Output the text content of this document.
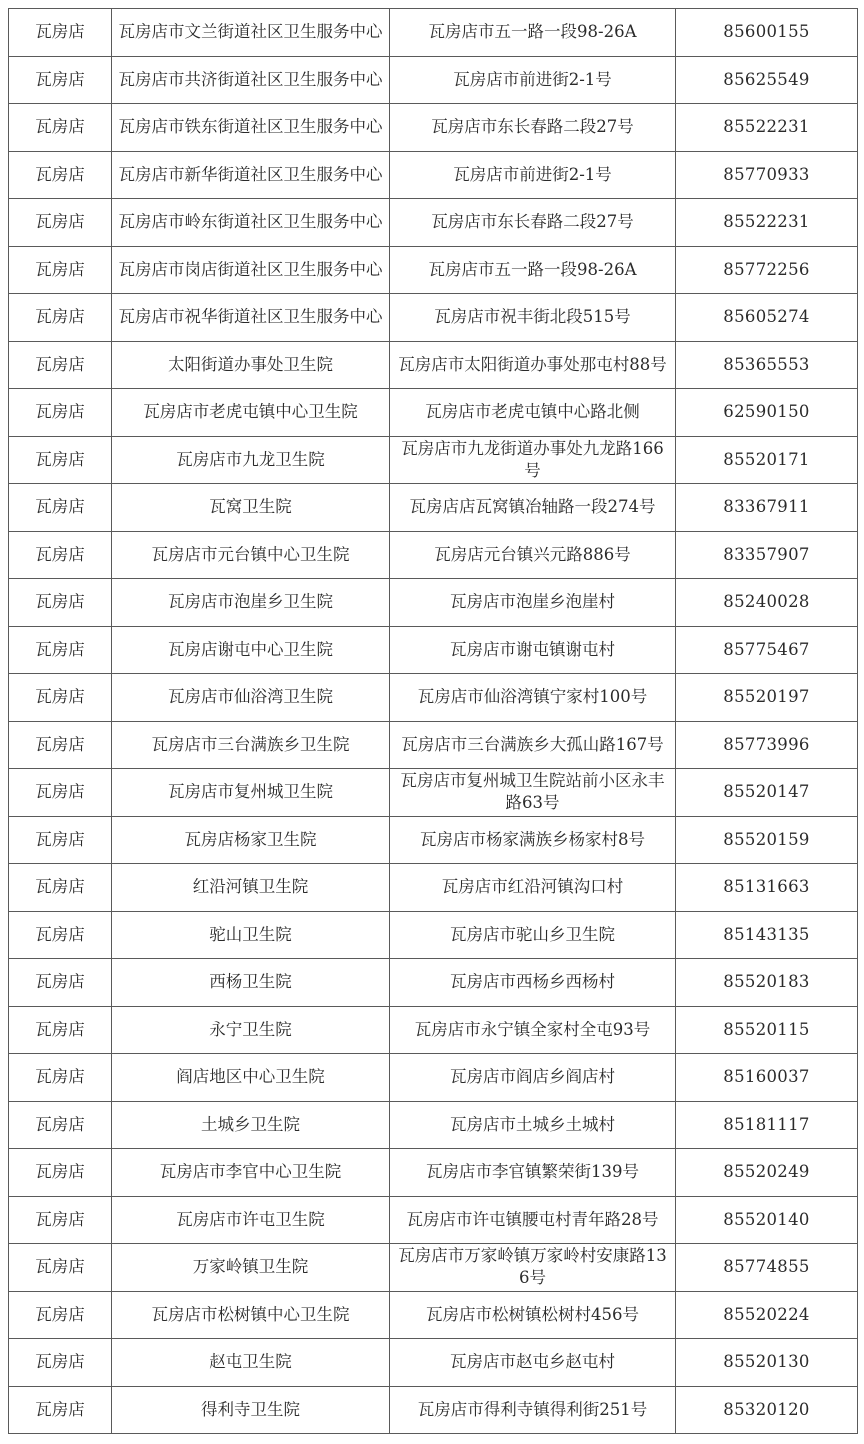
瓦房店	瓦房店市文兰街道社区卫生服务中心	瓦房店市五一路一段98-26A	85600155
瓦房店	瓦房店市共济街道社区卫生服务中心	瓦房店市前进街2-1号	85625549
瓦房店	瓦房店市铁东街道社区卫生服务中心	瓦房店市东长春路二段27号	85522231
瓦房店	瓦房店市新华街道社区卫生服务中心	瓦房店市前进街2-1号	85770933
瓦房店	瓦房店市岭东街道社区卫生服务中心	瓦房店市东长春路二段27号	85522231
瓦房店	瓦房店市岗店街道社区卫生服务中心	瓦房店市五一路一段98-26A	85772256
瓦房店	瓦房店市祝华街道社区卫生服务中心	瓦房店市祝丰街北段515号	85605274
瓦房店	太阳街道办事处卫生院	瓦房店市太阳街道办事处那屯村88号	85365553
瓦房店	瓦房店市老虎屯镇中心卫生院	瓦房店市老虎屯镇中心路北侧	62590150
瓦房店	瓦房店市九龙卫生院	瓦房店市九龙街道办事处九龙路166号	85520171
瓦房店	瓦窝卫生院	瓦房店店瓦窝镇冶轴路一段274号	83367911
瓦房店	瓦房店市元台镇中心卫生院	瓦房店元台镇兴元路886号	83357907
瓦房店	瓦房店市泡崖乡卫生院	瓦房店市泡崖乡泡崖村	85240028
瓦房店	瓦房店谢屯中心卫生院	瓦房店市谢屯镇谢屯村	85775467
瓦房店	瓦房店市仙浴湾卫生院	瓦房店市仙浴湾镇宁家村100号	85520197
瓦房店	瓦房店市三台满族乡卫生院	瓦房店市三台满族乡大孤山路167号	85773996
瓦房店	瓦房店市复州城卫生院	瓦房店市复州城卫生院站前小区永丰路63号	85520147
瓦房店	瓦房店杨家卫生院	瓦房店市杨家满族乡杨家村8号	85520159
瓦房店	红沿河镇卫生院	瓦房店市红沿河镇沟口村	85131663
瓦房店	驼山卫生院	瓦房店市驼山乡卫生院	85143135
瓦房店	西杨卫生院	瓦房店市西杨乡西杨村	85520183
瓦房店	永宁卫生院	瓦房店市永宁镇全家村全屯93号	85520115
瓦房店	阎店地区中心卫生院	瓦房店市阎店乡阎店村	85160037
瓦房店	土城乡卫生院	瓦房店市土城乡土城村	85181117
瓦房店	瓦房店市李官中心卫生院	瓦房店市李官镇繁荣街139号	85520249
瓦房店	瓦房店市许屯卫生院	瓦房店市许屯镇腰屯村青年路28号	85520140
瓦房店	万家岭镇卫生院	瓦房店市万家岭镇万家岭村安康路136号	85774855
瓦房店	瓦房店市松树镇中心卫生院	瓦房店市松树镇松树村456号	85520224
瓦房店	赵屯卫生院	瓦房店市赵屯乡赵屯村	85520130
瓦房店	得利寺卫生院	瓦房店市得利寺镇得利街251号	85320120
